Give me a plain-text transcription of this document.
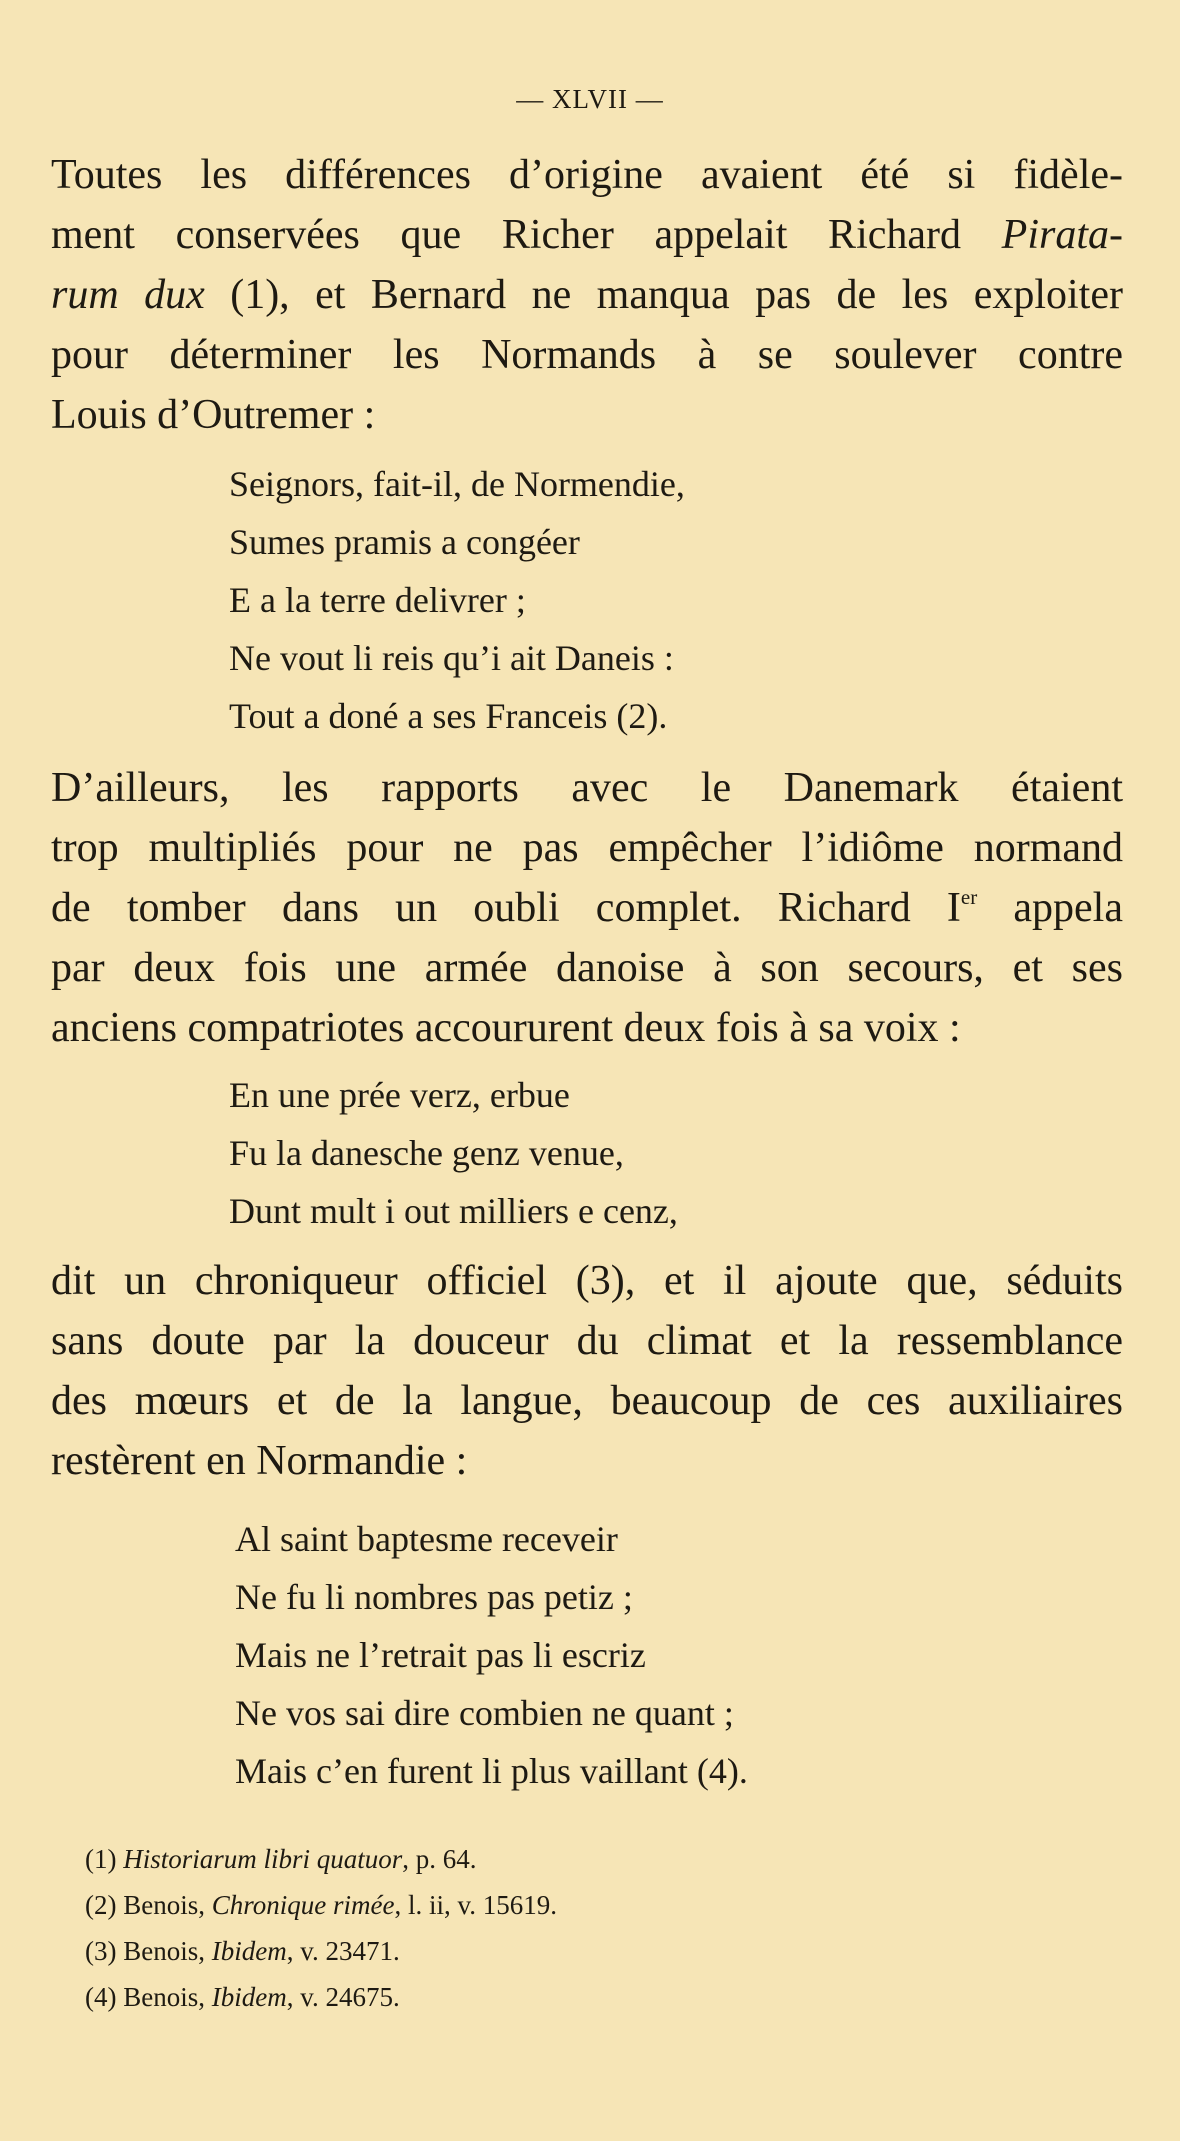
— XLVII —
Toutes les différences d’origine avaient été si fidèle-
ment conservées que Richer appelait Richard Pirata-
rum dux (1), et Bernard ne manqua pas de les exploiter
pour déterminer les Normands à se soulever contre
Louis d’Outremer :
Seignors, fait-il, de Normendie,
Sumes pramis a congéer
E a la terre delivrer ;
Ne vout li reis qu’i ait Daneis :
Tout a doné a ses Franceis (2).
D’ailleurs, les rapports avec le Danemark étaient
trop multipliés pour ne pas empêcher l’idiôme normand
de tomber dans un oubli complet. Richard Ier appela
par deux fois une armée danoise à son secours, et ses
anciens compatriotes accoururent deux fois à sa voix :
En une prée verz, erbue
Fu la danesche genz venue,
Dunt mult i out milliers e cenz,
dit un chroniqueur officiel (3), et il ajoute que, séduits
sans doute par la douceur du climat et la ressemblance
des mœurs et de la langue, beaucoup de ces auxiliaires
restèrent en Normandie :
Al saint baptesme receveir
Ne fu li nombres pas petiz ;
Mais ne l’retrait pas li escriz
Ne vos sai dire combien ne quant ;
Mais c’en furent li plus vaillant (4).
(1) Historiarum libri quatuor, p. 64.
(2) Benois, Chronique rimée, l. ii, v. 15619.
(3) Benois, Ibidem, v. 23471.
(4) Benois, Ibidem, v. 24675.
